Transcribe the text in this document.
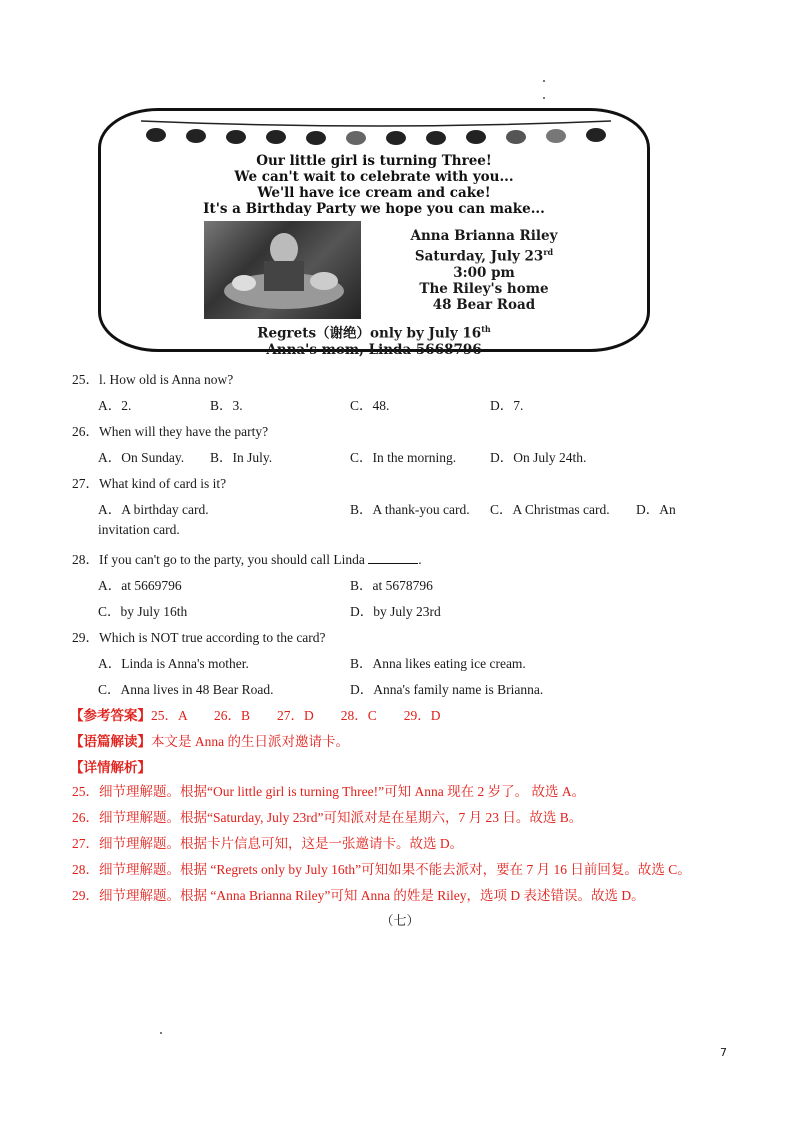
Our little girl is turning Three!
We can't wait to celebrate with you...
We'll have ice cream and cake!
It's a Birthday Party we hope you can make...
Anna Brianna Riley
Saturday, July 23rd
3:00 pm
The Riley's home
48 Bear Road
Regrets（谢绝）only by July 16th
Anna's mom, Linda 5668796
25．l. How old is Anna now?
A．2.	B．3.	C．48.	D．7.
26．When will they have the party?
A．On Sunday. B．In July.	C．In the morning.	D．On July 24th.
27．What kind of card is it?
A．A birthday card.	B．A thank-you card. C．A Christmas card. D．An
invitation card.
28．If you can't go to the party, you should call Linda	.
A．at 5669796	B．at 5678796
C．by July 16th	D．by July 23rd
29．Which is NOT true according to the card?
A．Linda is Anna's mother.	B．Anna likes eating ice cream.
C．Anna lives in 48 Bear Road.	D．Anna's family name is Brianna.
【参考答案】25．A　　26．B　　27．D　　28．C　　29．D
【语篇解读】本文是 Anna 的生日派对邀请卡。
【详情解析】
25．细节理解题。根据“Our little girl is turning Three!”可知 Anna 现在 2 岁了。 故选 A。
26．细节理解题。根据“Saturday, July 23rd”可知派对是在星期六，7 月 23 日。故选 B。
27．细节理解题。根据卡片信息可知，这是一张邀请卡。故选 D。
28．细节理解题。根据 “Regrets only by July 16th”可知如果不能去派对，要在 7 月 16 日前回复。故选 C。
29．细节理解题。根据 “Anna Brianna Riley”可知 Anna 的姓是 Riley，选项 D 表述错误。故选 D。
（七）
7
